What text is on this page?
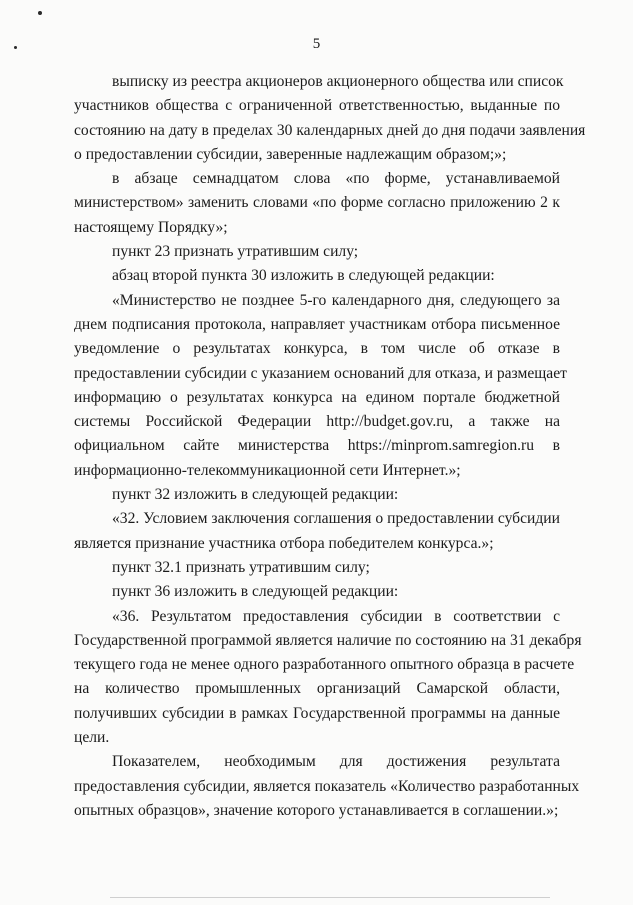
5
выписку из реестра акционеров акционерного общества или список
участников общества с ограниченной ответственностью, выданные по
состоянию на дату в пределах 30 календарных дней до дня подачи заявления
о предоставлении субсидии, заверенные надлежащим образом;»;
в абзаце семнадцатом слова «по форме, устанавливаемой
министерством» заменить словами «по форме согласно приложению 2 к
настоящему Порядку»;
пункт 23 признать утратившим силу;
абзац второй пункта 30 изложить в следующей редакции:
«Министерство не позднее 5-го календарного дня, следующего за
днем подписания протокола, направляет участникам отбора письменное
уведомление о результатах конкурса, в том числе об отказе в
предоставлении субсидии с указанием оснований для отказа, и размещает
информацию о результатах конкурса на едином портале бюджетной
системы Российской Федерации http://budget.gov.ru, а также на
официальном сайте министерства https://minprom.samregion.ru в
информационно-телекоммуникационной сети Интернет.»;
пункт 32 изложить в следующей редакции:
«32. Условием заключения соглашения о предоставлении субсидии
является признание участника отбора победителем конкурса.»;
пункт 32.1 признать утратившим силу;
пункт 36 изложить в следующей редакции:
«36. Результатом предоставления субсидии в соответствии с
Государственной программой является наличие по состоянию на 31 декабря
текущего года не менее одного разработанного опытного образца в расчете
на количество промышленных организаций Самарской области,
получивших субсидии в рамках Государственной программы на данные
цели.
Показателем, необходимым для достижения результата
предоставления субсидии, является показатель «Количество разработанных
опытных образцов», значение которого устанавливается в соглашении.»;
